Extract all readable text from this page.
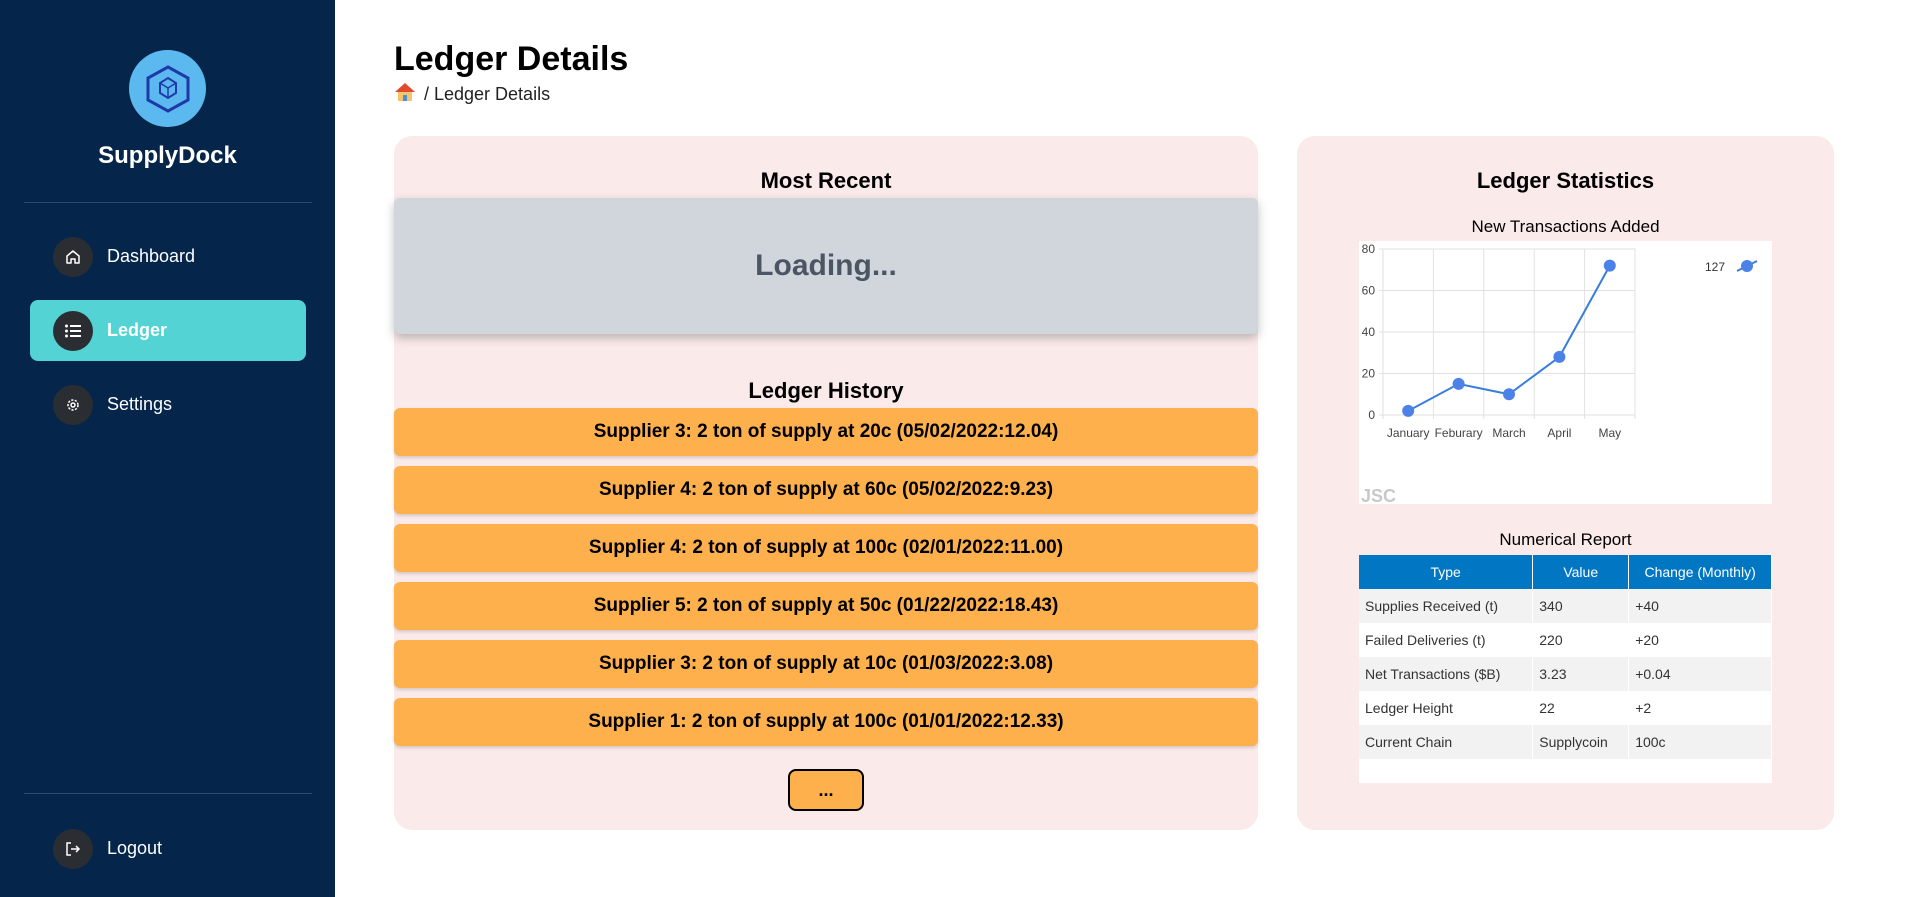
SupplyDock
Dashboard
Ledger
Settings
Logout
Ledger Details
/ Ledger Details
Most Recent
Loading...
Ledger History
Supplier 3: 2 ton of supply at 20c (05/02/2022:12.04)
Supplier 4: 2 ton of supply at 60c (05/02/2022:9.23)
Supplier 4: 2 ton of supply at 100c (02/01/2022:11.00)
Supplier 5: 2 ton of supply at 50c (01/22/2022:18.43)
Supplier 3: 2 ton of supply at 10c (01/03/2022:3.08)
Supplier 1: 2 ton of supply at 100c (01/01/2022:12.33)
...
Ledger Statistics
New Transactions Added
0
20
40
60
80
January Feburary March April May
127
JSC
Numerical Report
Type	Value	Change (Monthly)
Supplies Received (t)	340	+40
Failed Deliveries (t)	220	+20
Net Transactions ($B)	3.23	+0.04
Ledger Height	22	+2
Current Chain	Supplycoin	100c
